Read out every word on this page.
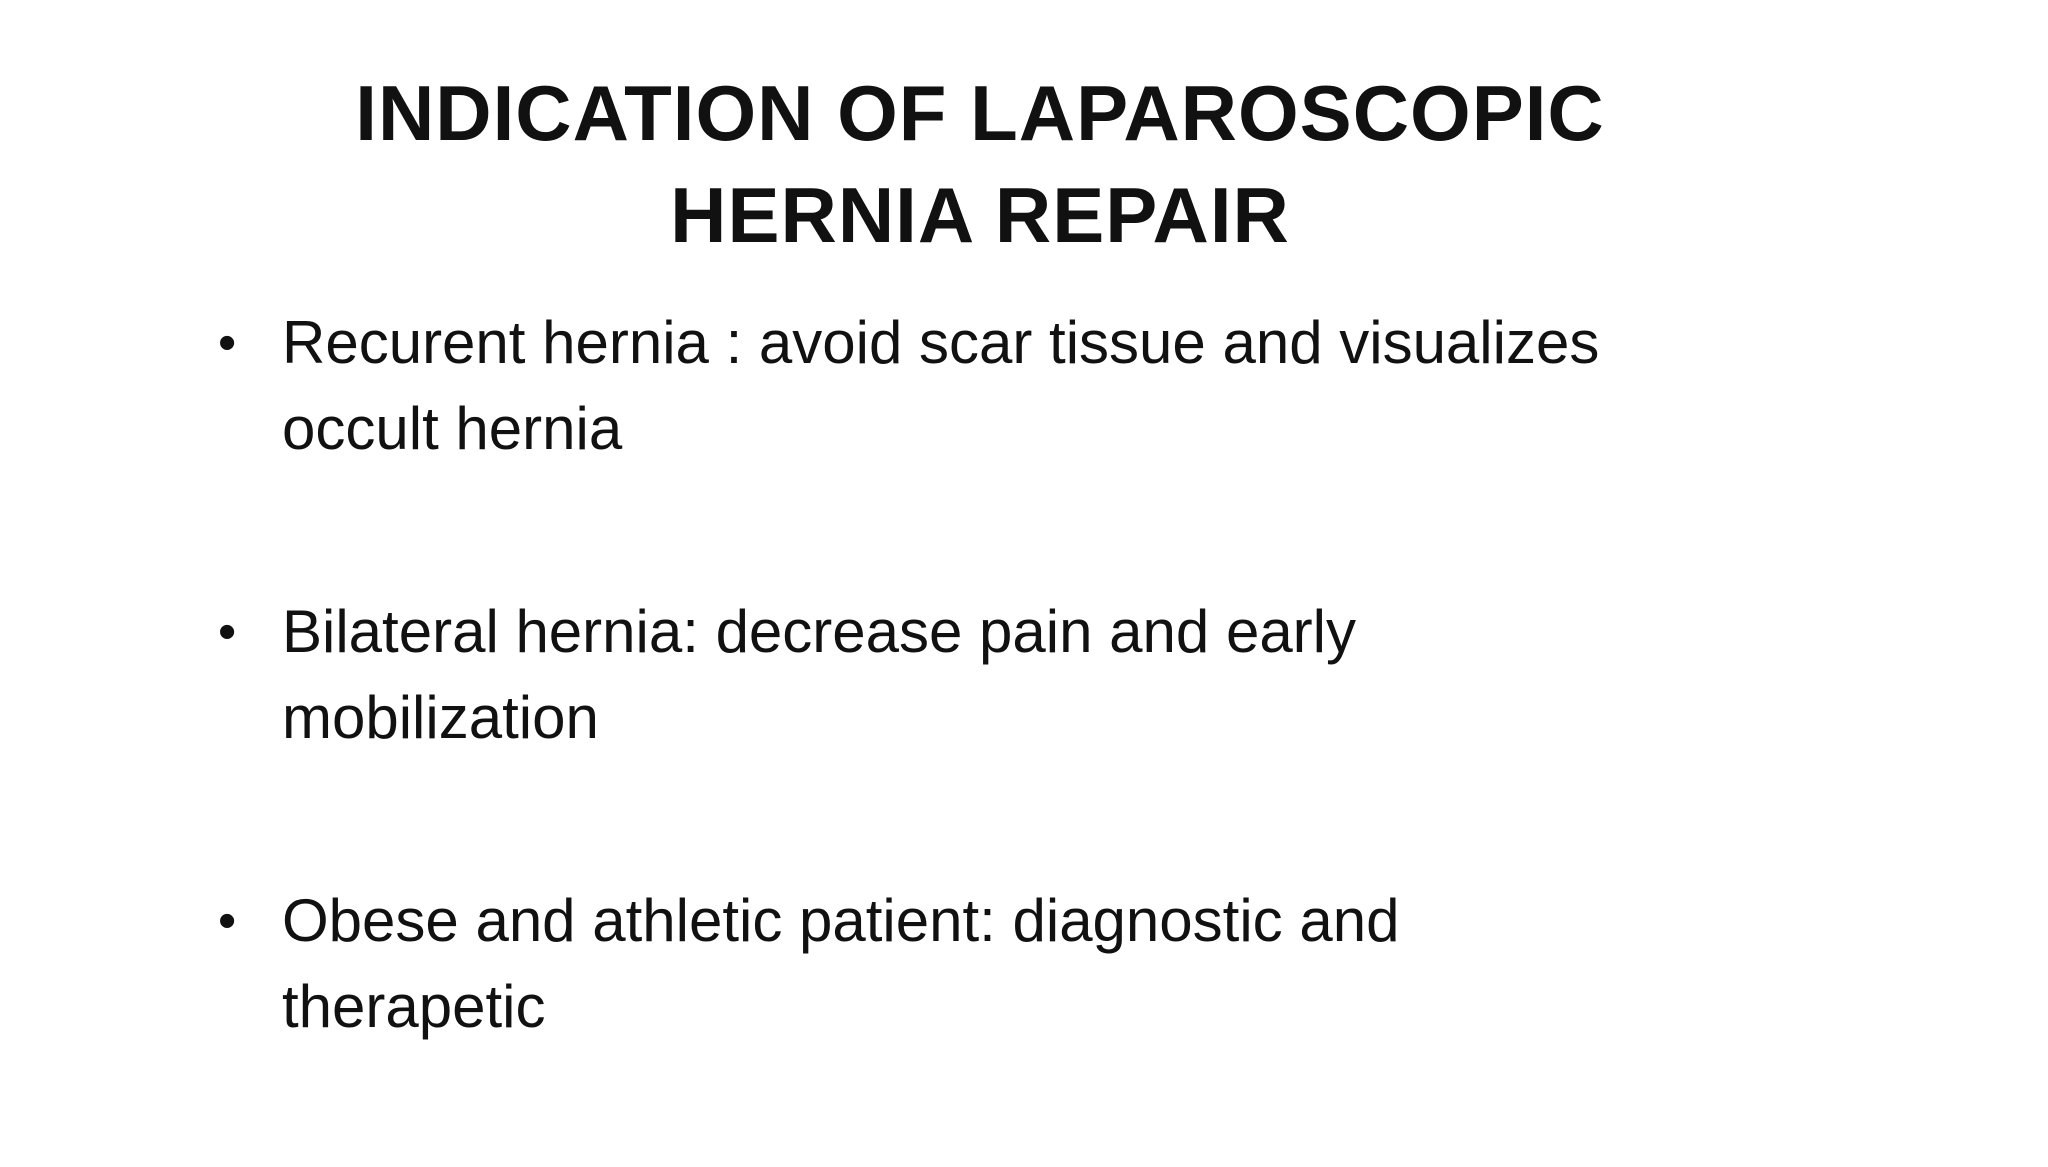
INDICATION OF LAPAROSCOPIC
HERNIA REPAIR
• Recurent hernia : avoid scar tissue and visualizes occult hernia
• Bilateral hernia: decrease pain and early mobilization
• Obese and athletic patient: diagnostic and therapetic
